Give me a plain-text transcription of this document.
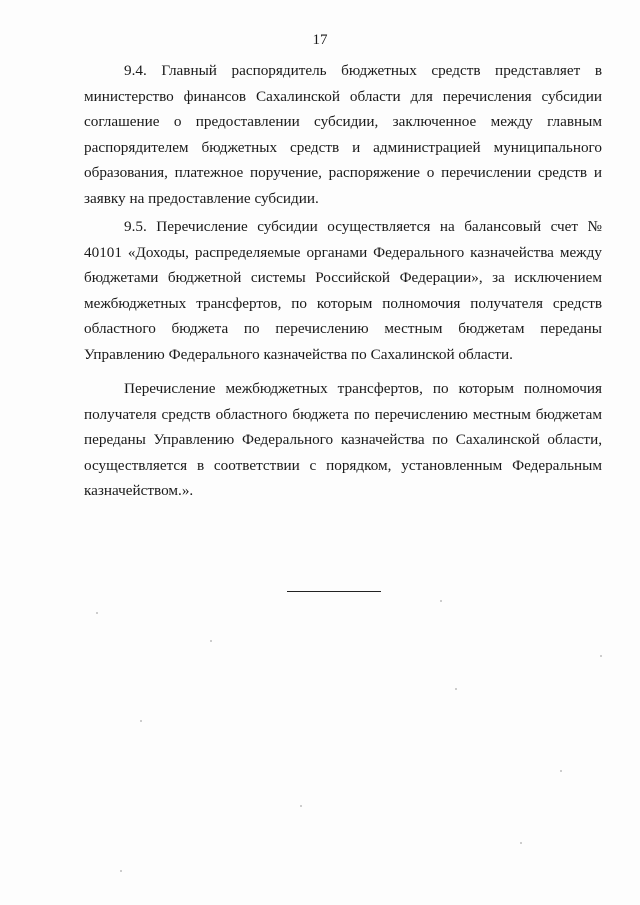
17

9.4. Главный распорядитель бюджетных средств представляет в министерство финансов Сахалинской области для перечисления субсидии соглашение о предоставлении субсидии, заключенное между главным распорядителем бюджетных средств и администрацией муниципального образования, платежное поручение, распоряжение о перечислении средств и заявку на предоставление субсидии.

9.5. Перечисление субсидии осуществляется на балансовый счет № 40101 «Доходы, распределяемые органами Федерального казначейства между бюджетами бюджетной системы Российской Федерации», за исключением межбюджетных трансфертов, по которым полномочия получателя средств областного бюджета по перечислению местным бюджетам переданы Управлению Федерального казначейства по Сахалинской области.

Перечисление межбюджетных трансфертов, по которым полномочия получателя средств областного бюджета по перечислению местным бюджетам переданы Управлению Федерального казначейства по Сахалинской области, осуществляется в соответствии с порядком, установленным Федеральным казначейством.».
